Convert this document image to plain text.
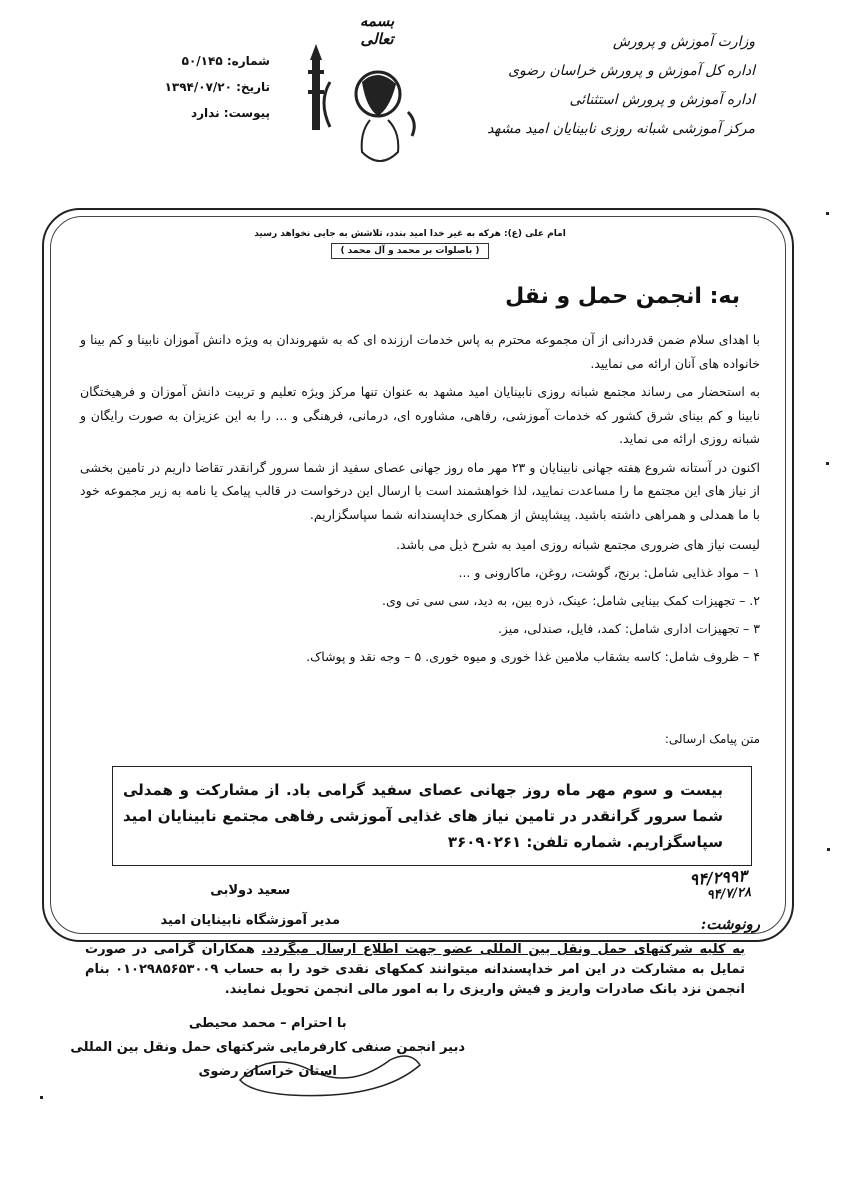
وزارت آموزش و پرورش
اداره کل آموزش و پرورش خراسان رضوی
اداره آموزش و پرورش استثنائی
مرکز آموزشی شبانه روزی نابینایان امید مشهد
بسمه تعالی
شماره: ۵۰/۱۴۵
تاریخ: ۱۳۹۴/۰۷/۲۰
پیوست: ندارد
امام علی (ع): هرکه به غیر خدا امید بندد، تلاشش به جایی نخواهد رسید
( باصلوات بر محمد و آل محمد )
به: انجمن حمل و نقل

با اهدای سلام ضمن قدردانی از آن مجموعه محترم به پاس خدمات ارزنده ای که به شهروندان به ویژه دانش آموزان نابینا و کم بینا و خانواده های آنان ارائه می نمایید.

به استحضار می رساند مجتمع شبانه روزی نابینایان امید مشهد به عنوان تنها مرکز ویژه تعلیم و تربیت دانش آموزان و فرهیختگان نابینا و کم بینای شرق کشور که خدمات آموزشی، رفاهی، مشاوره ای، درمانی، فرهنگی و ... را به این عزیزان به صورت رایگان و شبانه روزی ارائه می نماید.

اکنون در آستانه شروع هفته جهانی نابینایان و ۲۳ مهر ماه روز جهانی عصای سفید از شما سرور گرانقدر تقاضا داریم در تامین بخشی از نیاز های این مجتمع ما را مساعدت نمایید، لذا خواهشمند است با ارسال این درخواست در قالب پیامک یا نامه به زیر مجموعه خود با ما همدلی و همراهی داشته باشید. پیشاپیش از همکاری خداپسندانه شما سپاسگزاریم.

لیست نیاز های ضروری مجتمع شبانه روزی امید به شرح ذیل می باشد.
۱ – مواد غذایی شامل: برنج، گوشت، روغن، ماکارونی و ...
۲. – تجهیزات کمک بینایی شامل: عینک، ذره بین، به دید، سی سی تی وی.
۳ – تجهیزات اداری شامل: کمد، فایل، صندلی، میز.
۴ – ظروف شامل: کاسه بشقاب ملامین غذا خوری و میوه خوری. ۵ – وجه نقد و پوشاک.
متن پیامک ارسالی:
بیست و سوم مهر ماه روز جهانی عصای سفید گرامی باد. از مشارکت و همدلی شما سرور گرانقدر در تامین نیاز های غذایی آموزشی رفاهی مجتمع نابینایان امید سپاسگزاریم. شماره تلفن: ۳۶۰۹۰۲۶۱
سعید دولابی
مدیر آموزشگاه نابینایان امید
۹۴/۲۹۹۳
۹۴/۷/۲۸
رونوشت:
به کلیه شرکتهای حمل ونقل بین المللی عضو جهت اطلاع ارسال میگردد. همکاران گرامی در صورت تمایل به مشارکت در این امر خداپسندانه میتوانند کمکهای نقدی خود را به حساب ۰۱۰۲۹۸۵۶۵۳۰۰۹ بنام انجمن نزد بانک صادرات واریز و فیش واریزی را به امور مالی انجمن تحویل نمایند.
با احترام – محمد محیطی
دبیر انجمن صنفی کارفرمایی شرکتهای حمل ونقل بین المللی
استان خراسان رضوی
